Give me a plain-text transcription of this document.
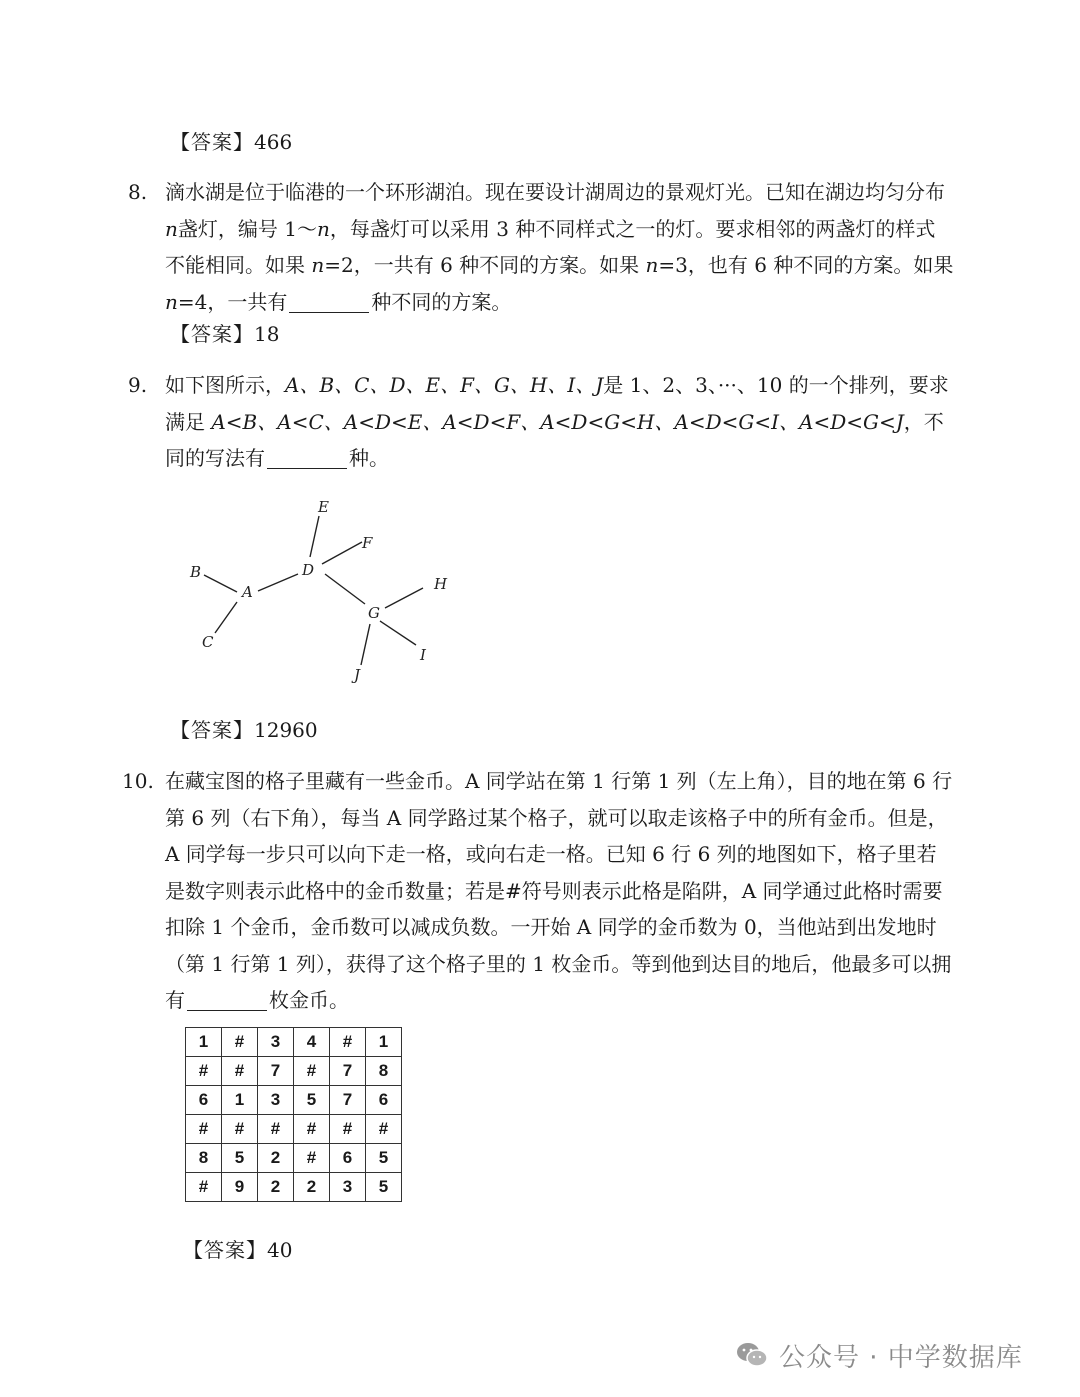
【答案】466
8. 滴水湖是位于临港的一个环形湖泊。现在要设计湖周边的景观灯光。已知在湖边均匀分布n盏灯，编号 1～n，每盏灯可以采用 3 种不同样式之一的灯。要求相邻的两盏灯的样式不能相同。如果 n=2，一共有 6 种不同的方案。如果 n=3，也有 6 种不同的方案。如果 n=4，一共有	种不同的方案。

【答案】18
9. 如下图所示，A、B、C、D、E、F、G、H、I、J是 1、2、3、···、10 的一个排列，要求满足 A<B、A<C、A<D<E、A<D<F、A<D<G<H、A<D<G<I、A<D<G<J，不同的写法有	种。

B
A
C
D
E
F
G
H
I
J
【答案】12960
10. 在藏宝图的格子里藏有一些金币。A 同学站在第 1 行第 1 列（左上角），目的地在第 6 行第 6 列（右下角），每当 A 同学路过某个格子，就可以取走该格子中的所有金币。但是，A 同学每一步只可以向下走一格，或向右走一格。已知 6 行 6 列的地图如下，格子里若是数字则表示此格中的金币数量；若是#符号则表示此格是陷阱，A 同学通过此格时需要扣除 1 个金币，金币数可以减成负数。一开始 A 同学的金币数为 0，当他站到出发地时（第 1 行第 1 列），获得了这个格子里的 1 枚金币。等到他到达目的地后，他最多可以拥有	枚金币。

1	#	3	4	#	1
#	#	7	#	7	8
6	1	3	5	7	6
#	#	#	#	#	#
8	5	2	#	6	5
#	9	2	2	3	5
【答案】40
公众号 · 中学数据库
